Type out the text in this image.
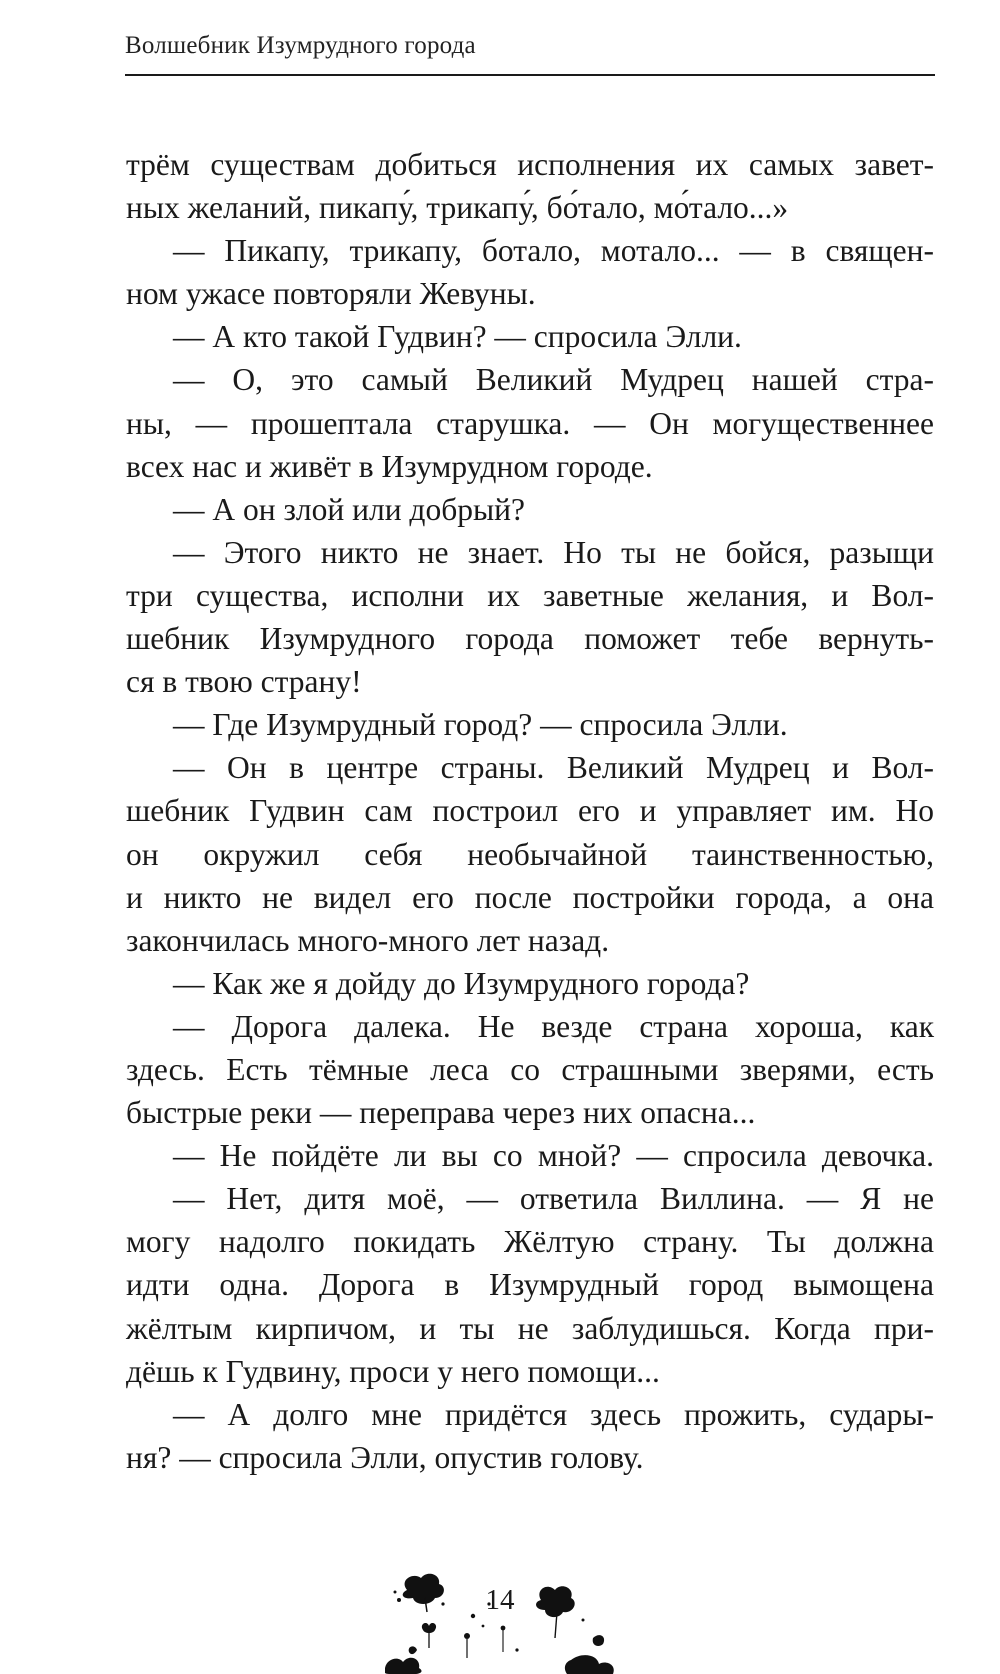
Волшебник Изумрудного города
трём существам добиться исполнения их самых завет-
ных желаний, пикапу́, трикапу́, бо́тало, мо́тало...»
— Пикапу, трикапу, ботало, мотало... — в священ-
ном ужасе повторяли Жевуны.
— А кто такой Гудвин? — спросила Элли.
— О, это самый Великий Мудрец нашей стра-
ны, — прошептала старушка. — Он могущественнее
всех нас и живёт в Изумрудном городе.
— А он злой или добрый?
— Этого никто не знает. Но ты не бойся, разыщи
три существа, исполни их заветные желания, и Вол-
шебник Изумрудного города поможет тебе вернуть-
ся в твою страну!
— Где Изумрудный город? — спросила Элли.
— Он в центре страны. Великий Мудрец и Вол-
шебник Гудвин сам построил его и управляет им. Но
он окружил себя необычайной таинственностью,
и никто не видел его после постройки города, а она
закончилась много-много лет назад.
— Как же я дойду до Изумрудного города?
— Дорога далека. Не везде страна хороша, как
здесь. Есть тёмные леса со страшными зверями, есть
быстрые реки — переправа через них опасна...
— Не пойдёте ли вы со мной? — спросила девочка.
— Нет, дитя моё, — ответила Виллина. — Я не
могу надолго покидать Жёлтую страну. Ты должна
идти одна. Дорога в Изумрудный город вымощена
жёлтым кирпичом, и ты не заблудишься. Когда при-
дёшь к Гудвину, проси у него помощи...
— А долго мне придётся здесь прожить, судары-
ня? — спросила Элли, опустив голову.
14
